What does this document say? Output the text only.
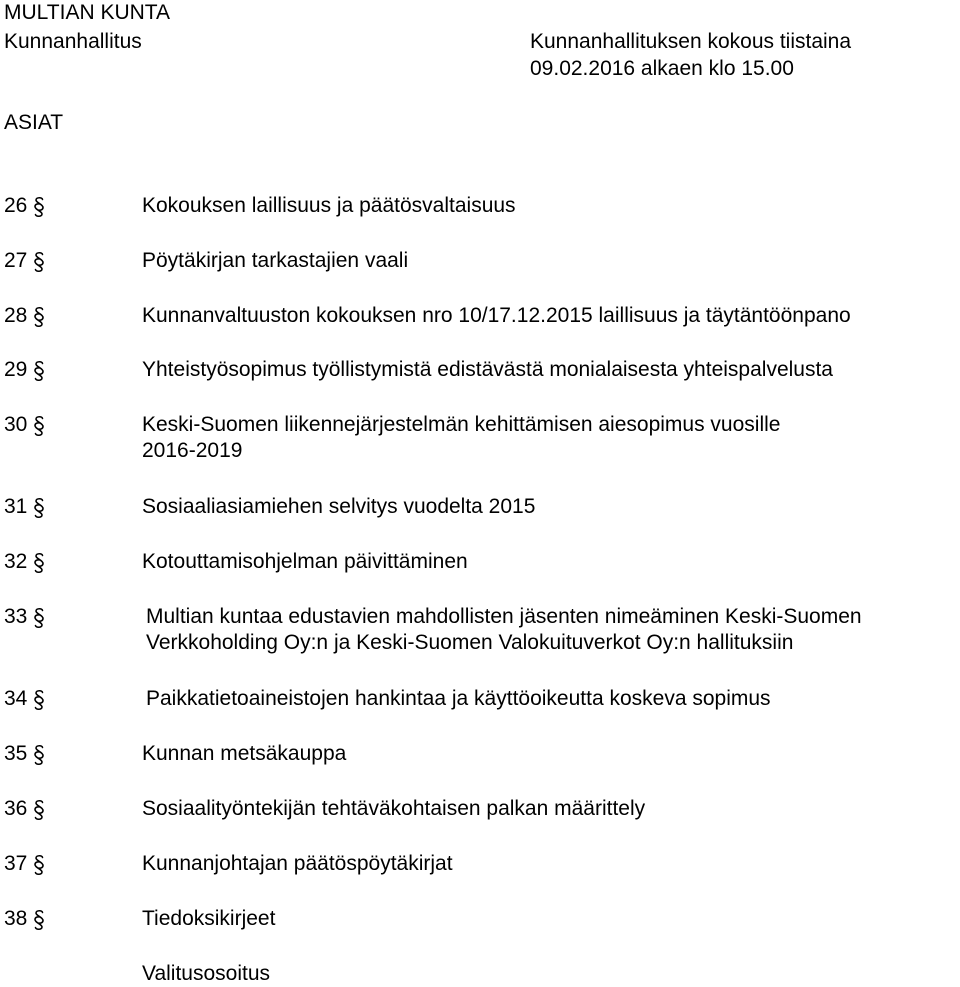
MULTIAN KUNTA
Kunnanhallitus	Kunnanhallituksen kokous tiistaina
09.02.2016 alkaen klo 15.00
ASIAT
26	Kokouksen laillisuus ja päätösvaltaisuus
27	Pöytäkirjan tarkastajien vaali
28	Kunnanvaltuuston kokouksen nro 10/17.12.2015 laillisuus ja täytäntöönpano
29	Yhteistyösopimus työllistymistä edistävästä monialaisesta yhteispalvelusta
30	Keski-Suomen liikennejärjestelmän kehittämisen aiesopimus vuosille
2016-2019
31	Sosiaaliasiamiehen selvitys vuodelta 2015
32	Kotouttamisohjelman päivittäminen
33	Multian kuntaa edustavien mahdollisten jäsenten nimeäminen Keski-Suomen
Verkkoholding Oy:n ja Keski-Suomen Valokuituverkot Oy:n hallituksiin
34	Paikkatietoaineistojen hankintaa ja käyttöoikeutta koskeva sopimus
35	Kunnan metsäkauppa
36	Sosiaalityöntekijän tehtäväkohtaisen palkan määrittely
37	Kunnanjohtajan päätöspöytäkirjat
38	Tiedoksikirjeet
Valitusosoitus
